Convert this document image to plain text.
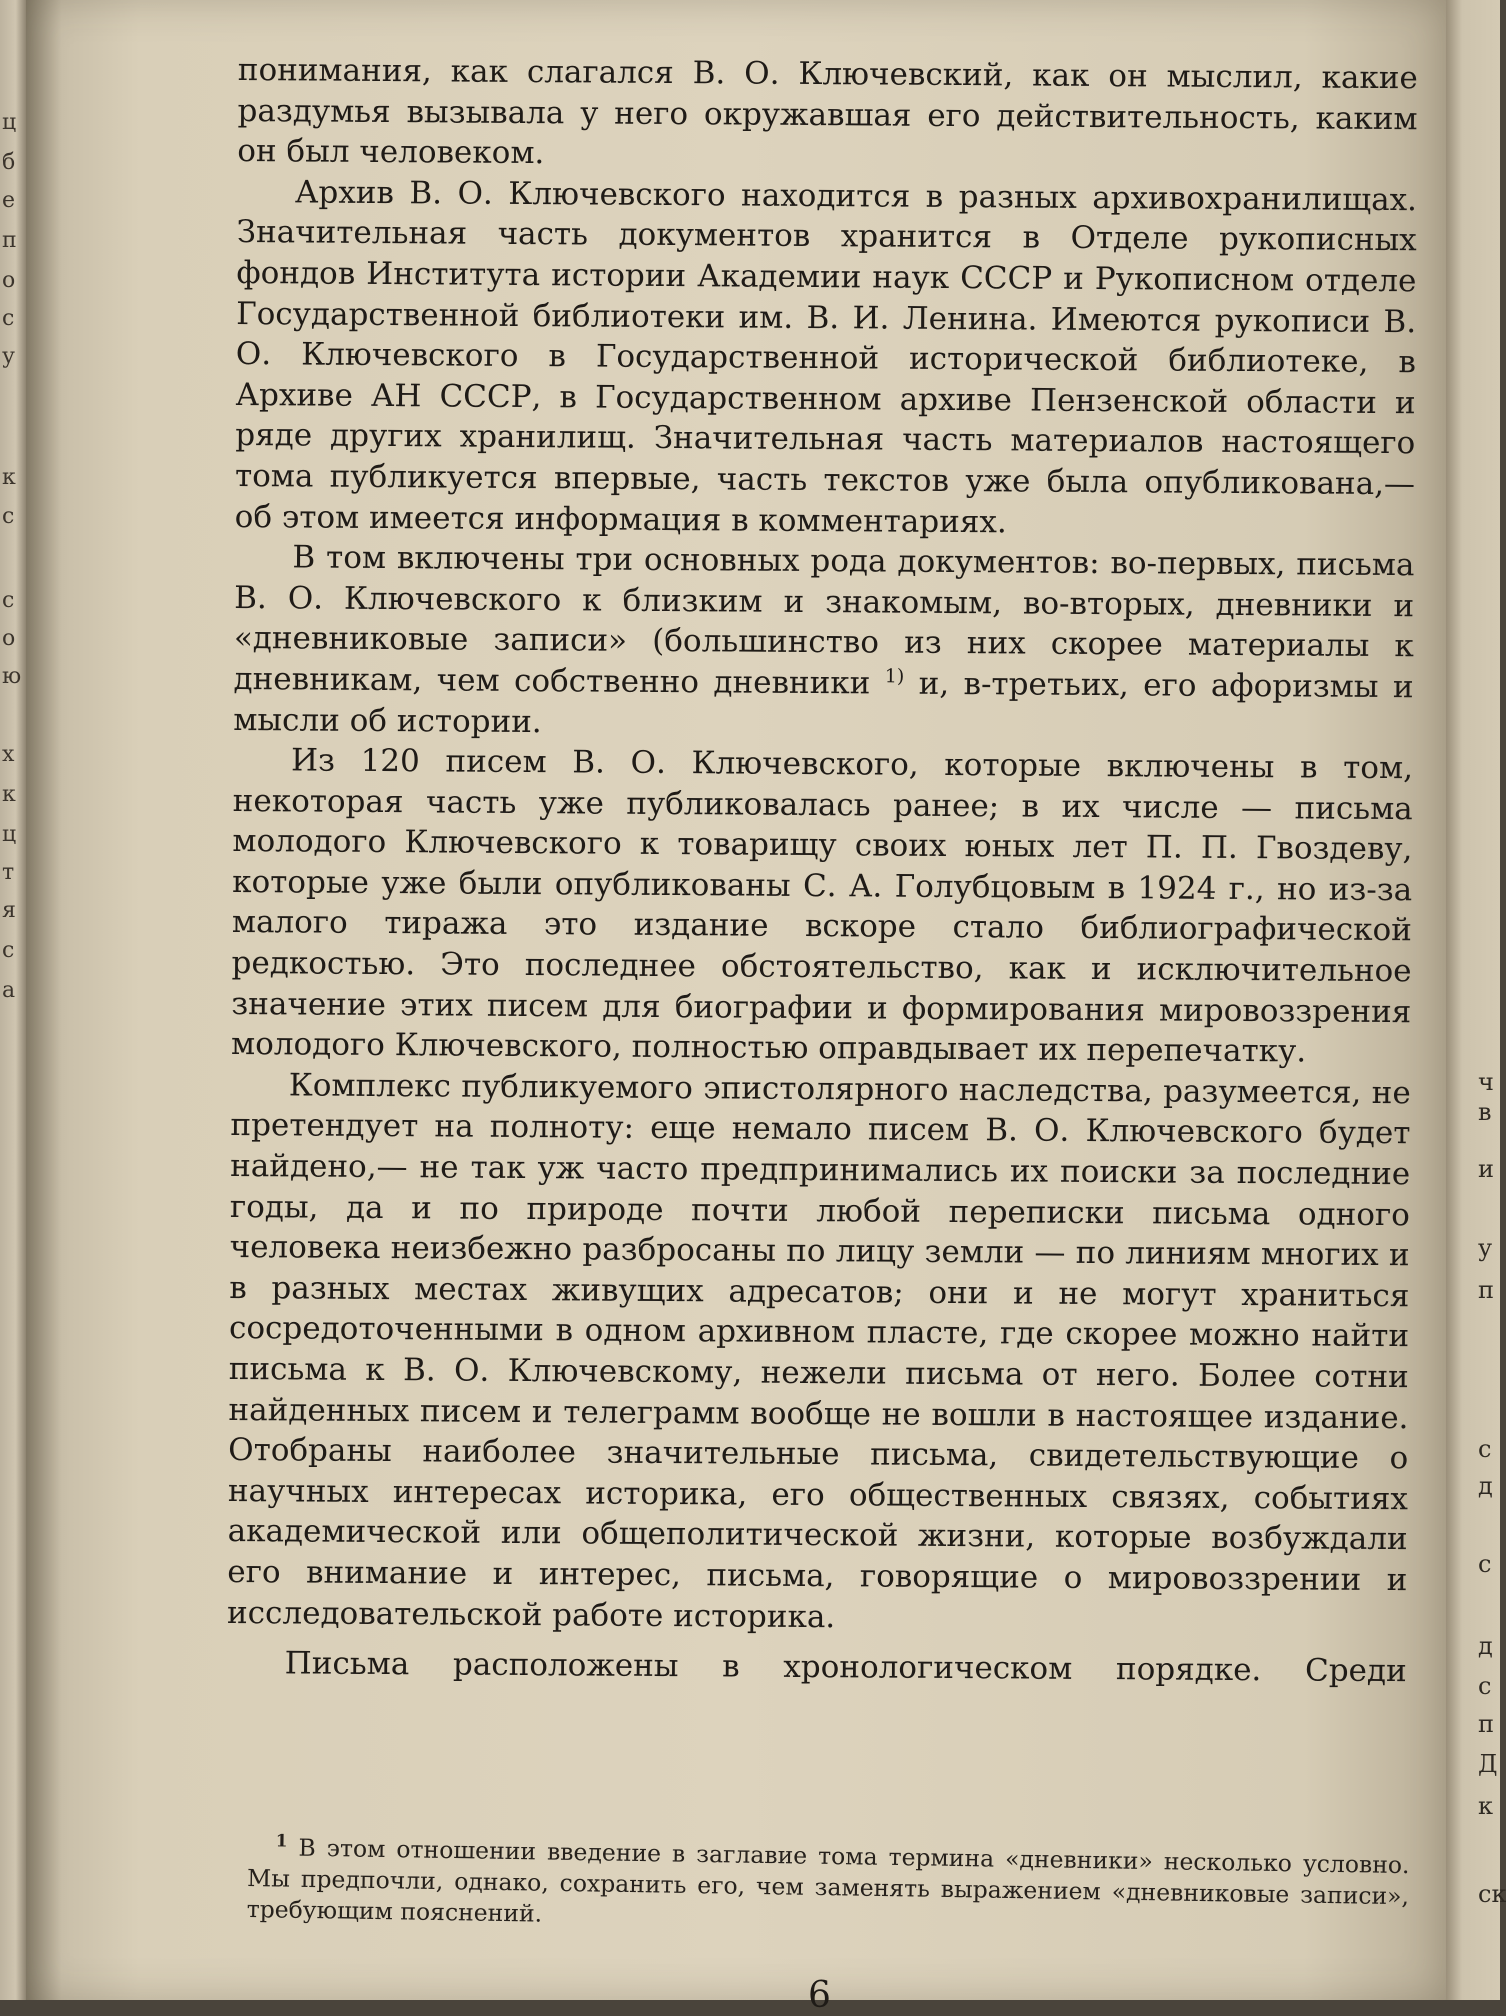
ц
б
е
п
о
с
у
к
с
с
о
ю
х
к
ц
т
я
с
а
ч
в
и
у
п
с
д
с
д
с
п
Д
к
ск

понимания, как слагался В. О. Ключевский, как он мыслил, какие раздумья вызывала у него окружавшая его действительность, каким он был человеком.

Архив В. О. Ключевского находится в разных архивохранилищах. Значительная часть документов хранится в Отделе рукописных фондов Института истории Академии наук СССР и Рукописном отделе Государственной библиотеки им. В. И. Ленина. Имеются рукописи В. О. Ключевского в Государственной исторической библиотеке, в Архиве АН СССР, в Государственном архиве Пензенской области и ряде других хранилищ. Значительная часть материалов настоящего тома публикуется впервые, часть текстов уже была опубликована,— об этом имеется информация в комментариях.

В том включены три основных рода документов: во-первых, письма В. О. Ключевского к близким и знакомым, во-вторых, дневники и «дневниковые записи» (большинство из них скорее материалы к дневникам, чем собственно дневники $^{1)}$ и, в-третьих, его афоризмы и мысли об истории.

Из 120 писем В. О. Ключевского, которые включены в том, некоторая часть уже публиковалась ранее; в их числе — письма молодого Ключевского к товарищу своих юных лет П. П. Гвоздеву, которые уже были опубликованы С. А. Голубцовым в 1924 г., но из-за малого тиража это издание вскоре стало библиографической редкостью. Это последнее обстоятельство, как и исключительное значение этих писем для биографии и формирования мировоззрения молодого Ключевского, полностью оправдывает их перепечатку.

Комплекс публикуемого эпистолярного наследства, разумеется, не претендует на полноту: еще немало писем В. О. Ключевского будет найдено,— не так уж часто предпринимались их поиски за последние годы, да и по природе почти любой переписки письма одного человека неизбежно разбросаны по лицу земли — по линиям многих и в разных местах живущих адресатов; они и не могут храниться сосредоточенными в одном архивном пласте, где скорее можно найти письма к В. О. Ключевскому, нежели письма от него. Более сотни найденных писем и телеграмм вообще не вошли в настоящее издание. Отобраны наиболее значительные письма, свидетельствующие о научных интересах историка, его общественных связях, событиях академической или общеполитической жизни, которые возбуждали его внимание и интерес, письма, говорящие о мировоззрении и исследовательской работе историка.

Письма расположены в хронологическом порядке. Среди

$^1$ В этом отношении введение в заглавие тома термина «дневники» несколько условно. Мы предпочли, однако, сохранить его, чем заменять выражением «дневниковые записи», требующим пояснений.

6
